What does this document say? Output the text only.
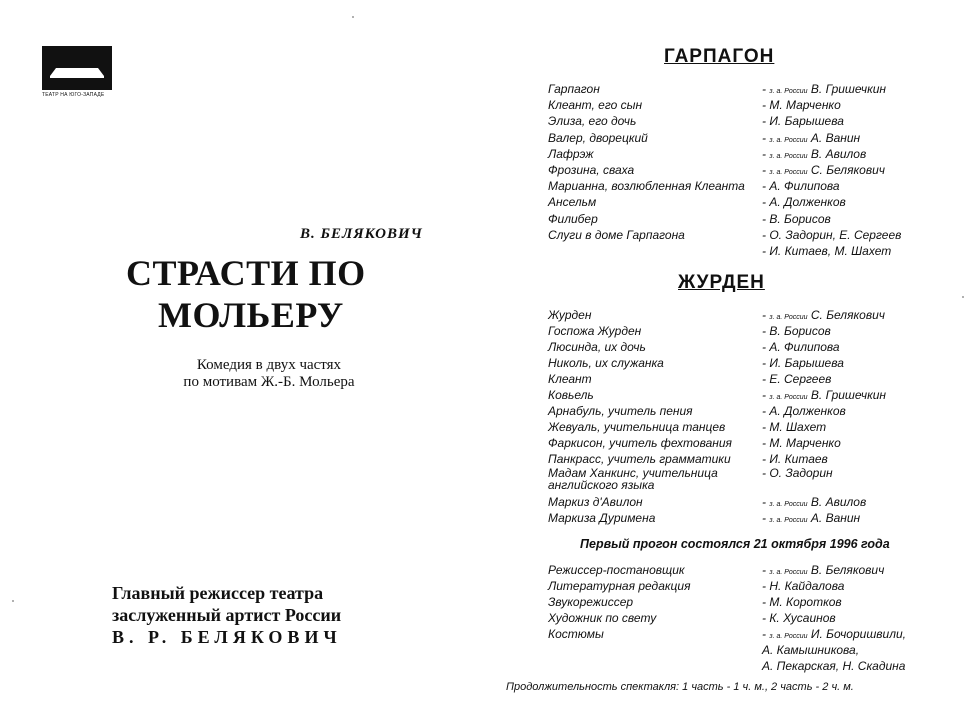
ТЕАТР НА ЮГО-ЗАПАДЕ
В. БЕЛЯКОВИЧ
СТРАСТИ ПО
МОЛЬЕРУ
Комедия в двух частях
по мотивам Ж.-Б. Мольера
Главный режиссер театра
заслуженный артист России
В. Р. БЕЛЯКОВИЧ
ГАРПАГОН
Гарпагон	- з. а. России В. Гришечкин
Клеант, его сын	- М. Марченко
Элиза, его дочь	- И. Барышева
Валер, дворецкий	- з. а. России А. Ванин
Лафрэж	- з. а. России В. Авилов
Фрозина, сваха	- з. а. России С. Белякович
Марианна, возлюбленная Клеанта - А. Филипова
Ансельм	- А. Долженков
Филибер	- В. Борисов
Слуги в доме Гарпагона	- О. Задорин, Е. Сергеев
- И. Китаев, М. Шахет
ЖУРДЕН
Журден	- з. а. России С. Белякович
Госпожа Журден	- В. Борисов
Люсинда, их дочь	- А. Филипова
Николь, их служанка	- И. Барышева
Клеант	- Е. Сергеев
Ковьель	- з. а. России В. Гришечкин
Арнабуль, учитель пения	- А. Долженков
Жевуаль, учительница танцев	- М. Шахет
Фаркисон, учитель фехтования	- М. Марченко
Панкрасс, учитель грамматики	- И. Китаев
Мадам Ханкинс, учительница	- О. Задорин
английского языка
Маркиз д'Авилон	- з. а. России В. Авилов
Маркиза Дуримена	- з. а. России А. Ванин
Первый прогон состоялся 21 октября 1996 года
Режиссер-постановщик	- з. а. России В. Белякович
Литературная редакция	- Н. Кайдалова
Звукорежиссер	- М. Коротков
Художник по свету	- К. Хусаинов
Костюмы	- з. а. России И. Бочоришвили,
А. Камышникова,
А. Пекарская, Н. Скадина
Продолжительность спектакля: 1 часть - 1 ч. м., 2 часть - 2 ч. м.
